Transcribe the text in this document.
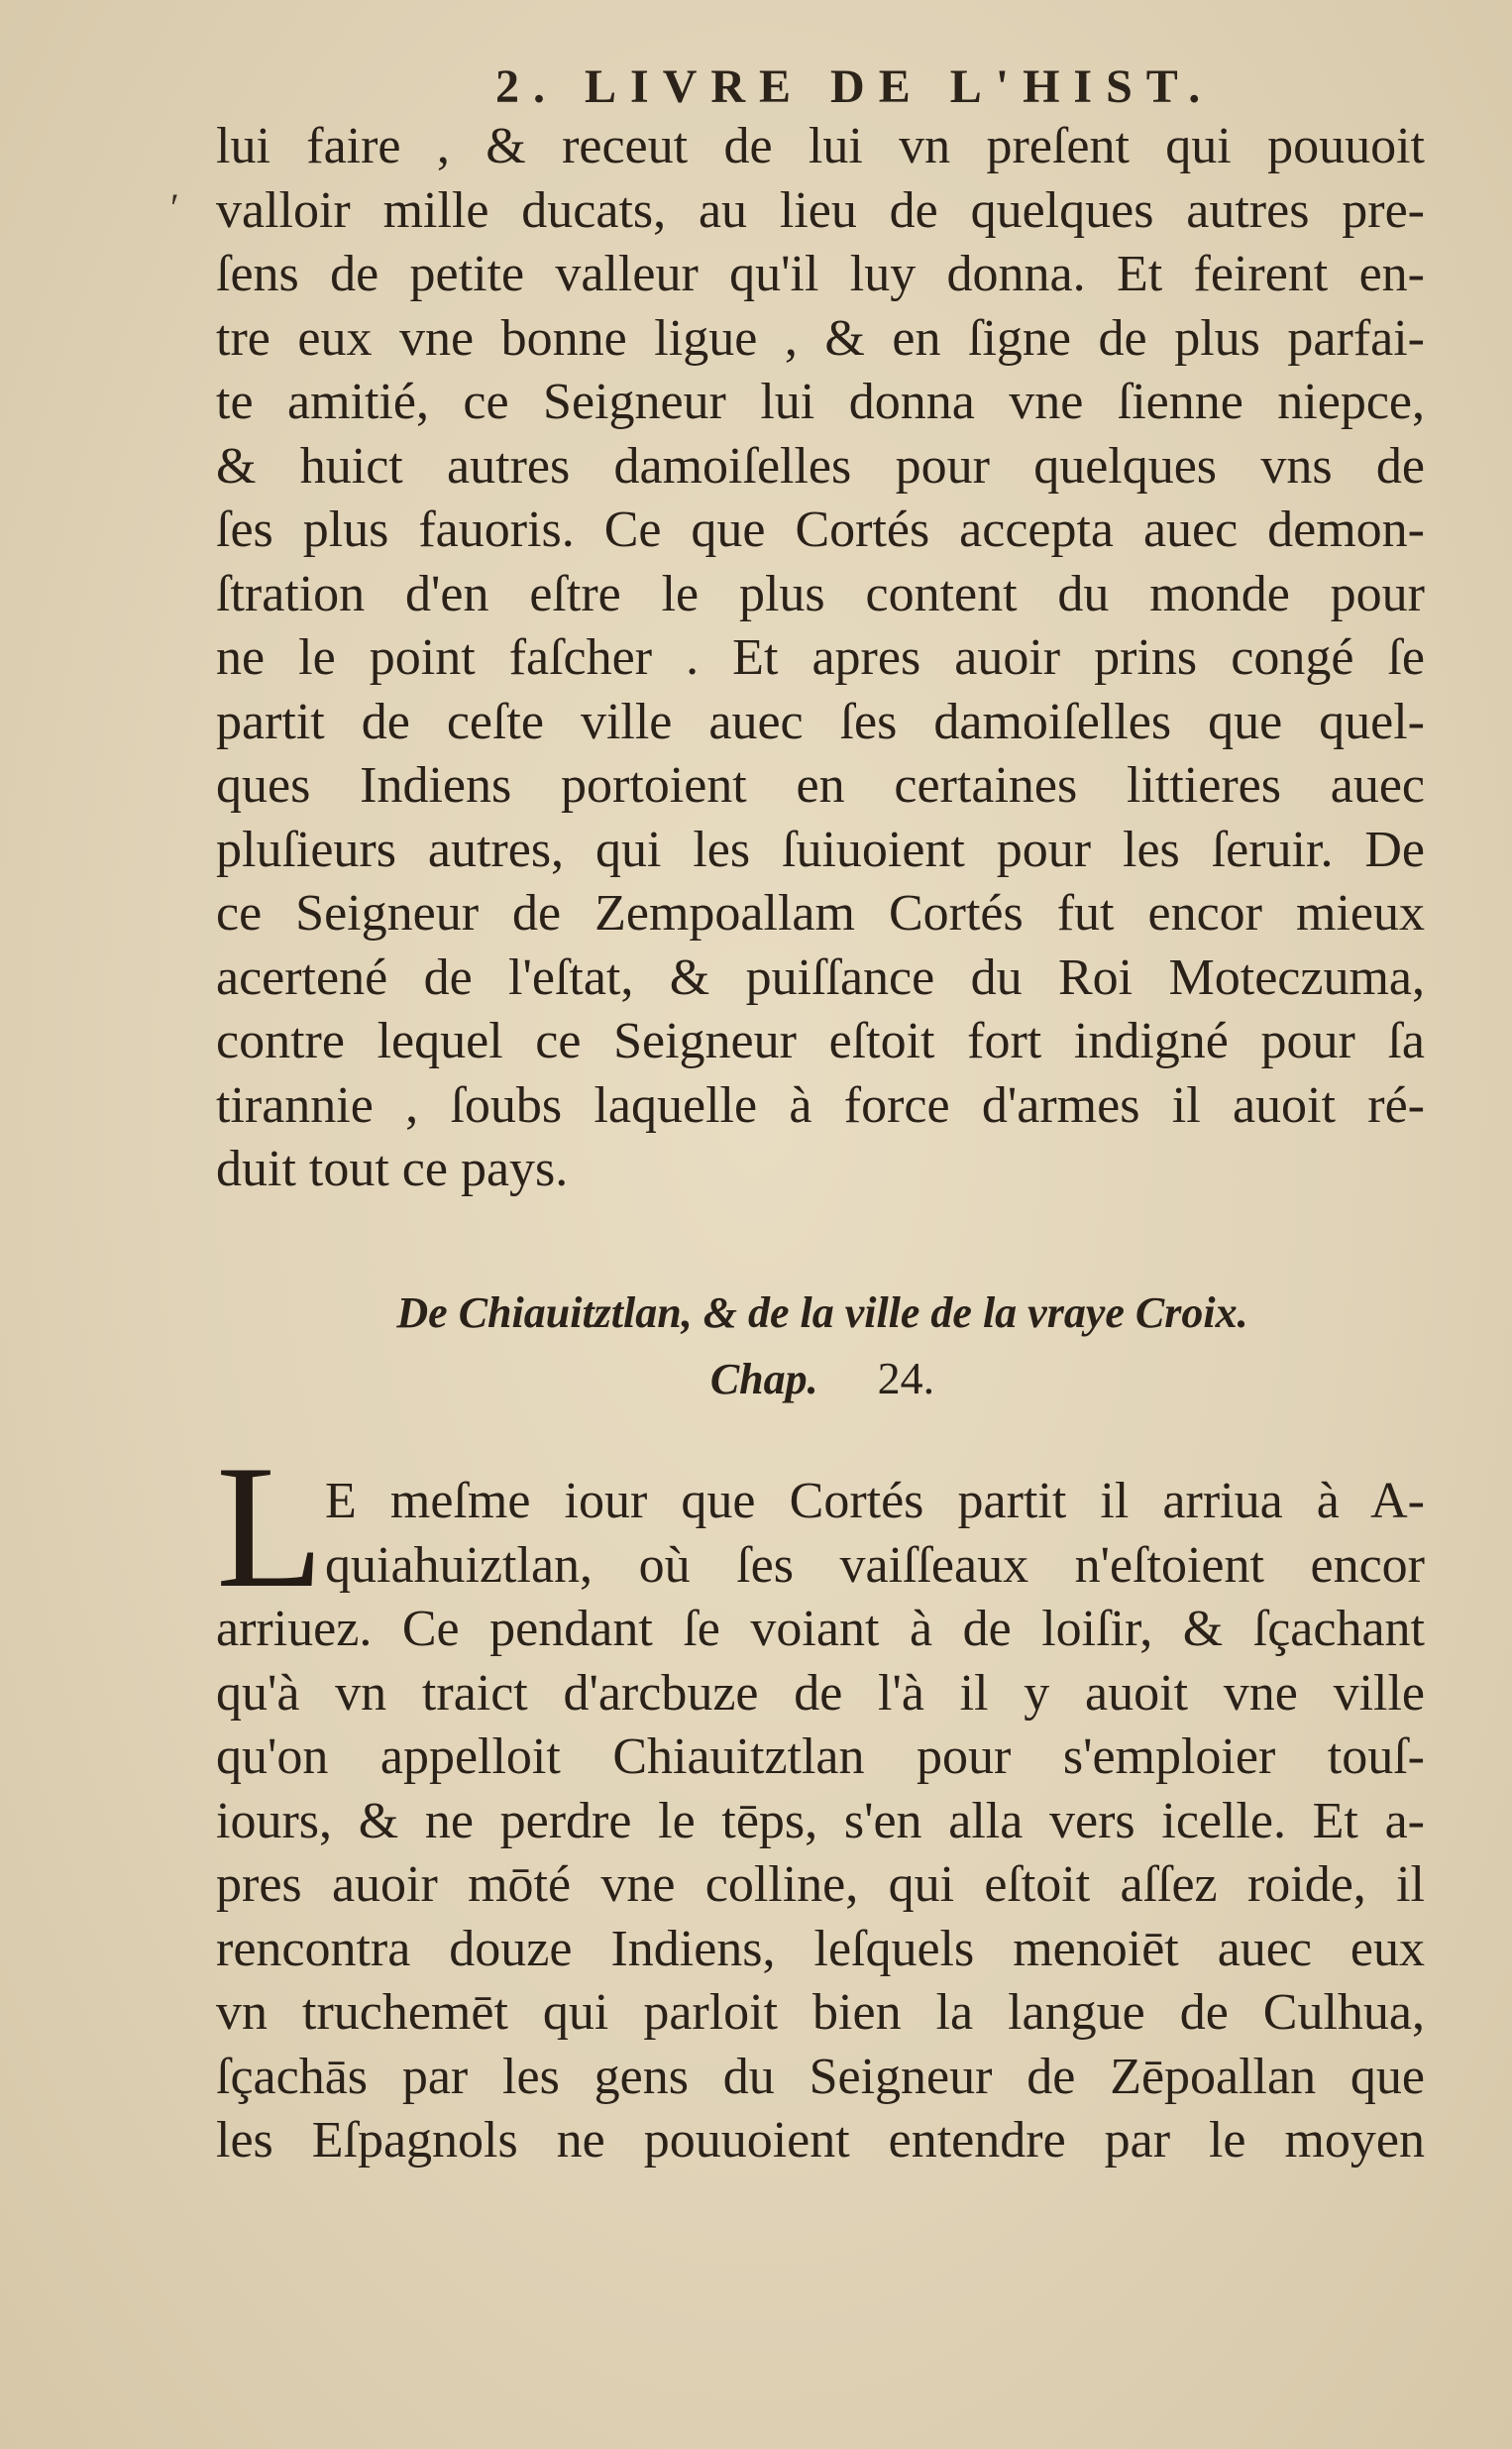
2. LIVRE DE L'HIST.
ʹ
lui faire , & receut de lui vn preſent qui pouuoit
valloir mille ducats, au lieu de quelques autres pre-
ſens de petite valleur qu'il luy donna. Et feirent en-
tre eux vne bonne ligue , & en ſigne de plus parfai-
te amitié, ce Seigneur lui donna vne ſienne niepce,
& huict autres damoiſelles pour quelques vns de
ſes plus fauoris. Ce que Cortés accepta auec demon-
ſtration d'en eſtre le plus content du monde pour
ne le point faſcher . Et apres auoir prins congé ſe
partit de ceſte ville auec ſes damoiſelles que quel-
ques Indiens portoient en certaines littieres auec
pluſieurs autres, qui les ſuiuoient pour les ſeruir. De
ce Seigneur de Zempoallam Cortés fut encor mieux
acertené de l'eſtat, & puiſſance du Roi Moteczuma,
contre lequel ce Seigneur eſtoit fort indigné pour ſa
tirannie , ſoubs laquelle à force d'armes il auoit ré-
duit tout ce pays.
De Chiauitztlan, & de la ville de la vraye Croix.
Chap. 24.
L E meſme iour que Cortés partit il arriua à A-
quiahuiztlan, où ſes vaiſſeaux n'eſtoient encor
arriuez. Ce pendant ſe voiant à de loiſir, & ſçachant
qu'à vn traict d'arcbuze de l'à il y auoit vne ville
qu'on appelloit Chiauitztlan pour s'emploier touſ-
iours, & ne perdre le tēps, s'en alla vers icelle. Et a-
pres auoir mōté vne colline, qui eſtoit aſſez roide, il
rencontra douze Indiens, leſquels menoiēt auec eux
vn truchemēt qui parloit bien la langue de Culhua,
ſçachās par les gens du Seigneur de Zēpoallan que
les Eſpagnols ne pouuoient entendre par le moyen
